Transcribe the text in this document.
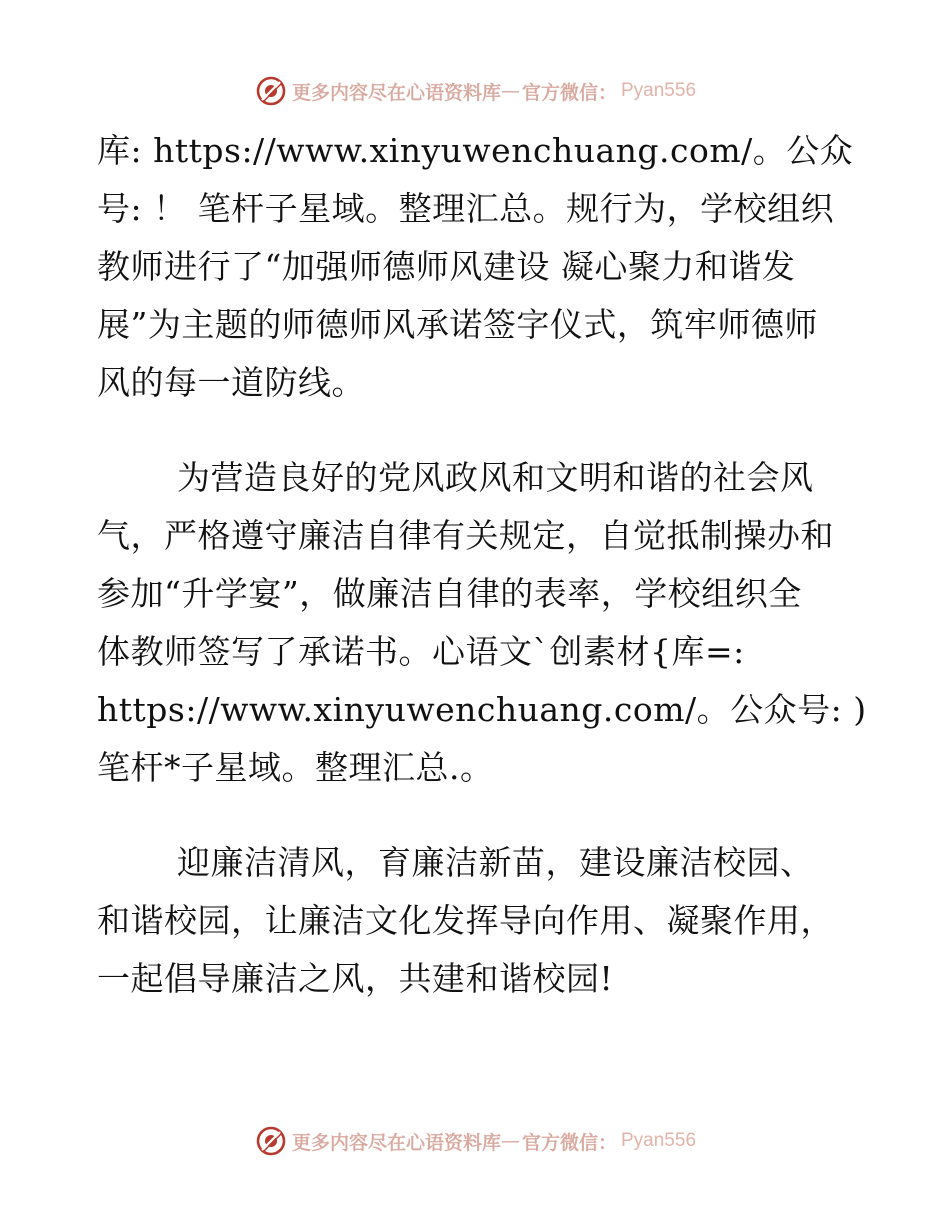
更多内容尽在心语资料库 — 官方微信： Pyan556

库: https://www.xinyuwenchuang.com/。公众
号: ！ 笔杆子星域。整理汇总。规行为，学校组织
教师进行了“加强师德师风建设 凝心聚力和谐发
展”为主题的师德师风承诺签字仪式，筑牢师德师
风的每一道防线。

为营造良好的党风政风和文明和谐的社会风
气，严格遵守廉洁自律有关规定，自觉抵制操办和
参加“升学宴”，做廉洁自律的表率，学校组织全
体教师签写了承诺书。心语文`创素材{库=:
https://www.xinyuwenchuang.com/。公众号: )
笔杆*子星域。整理汇总.。

迎廉洁清风，育廉洁新苗，建设廉洁校园、
和谐校园，让廉洁文化发挥导向作用、凝聚作用，
一起倡导廉洁之风，共建和谐校园!

更多内容尽在心语资料库 — 官方微信： Pyan556
